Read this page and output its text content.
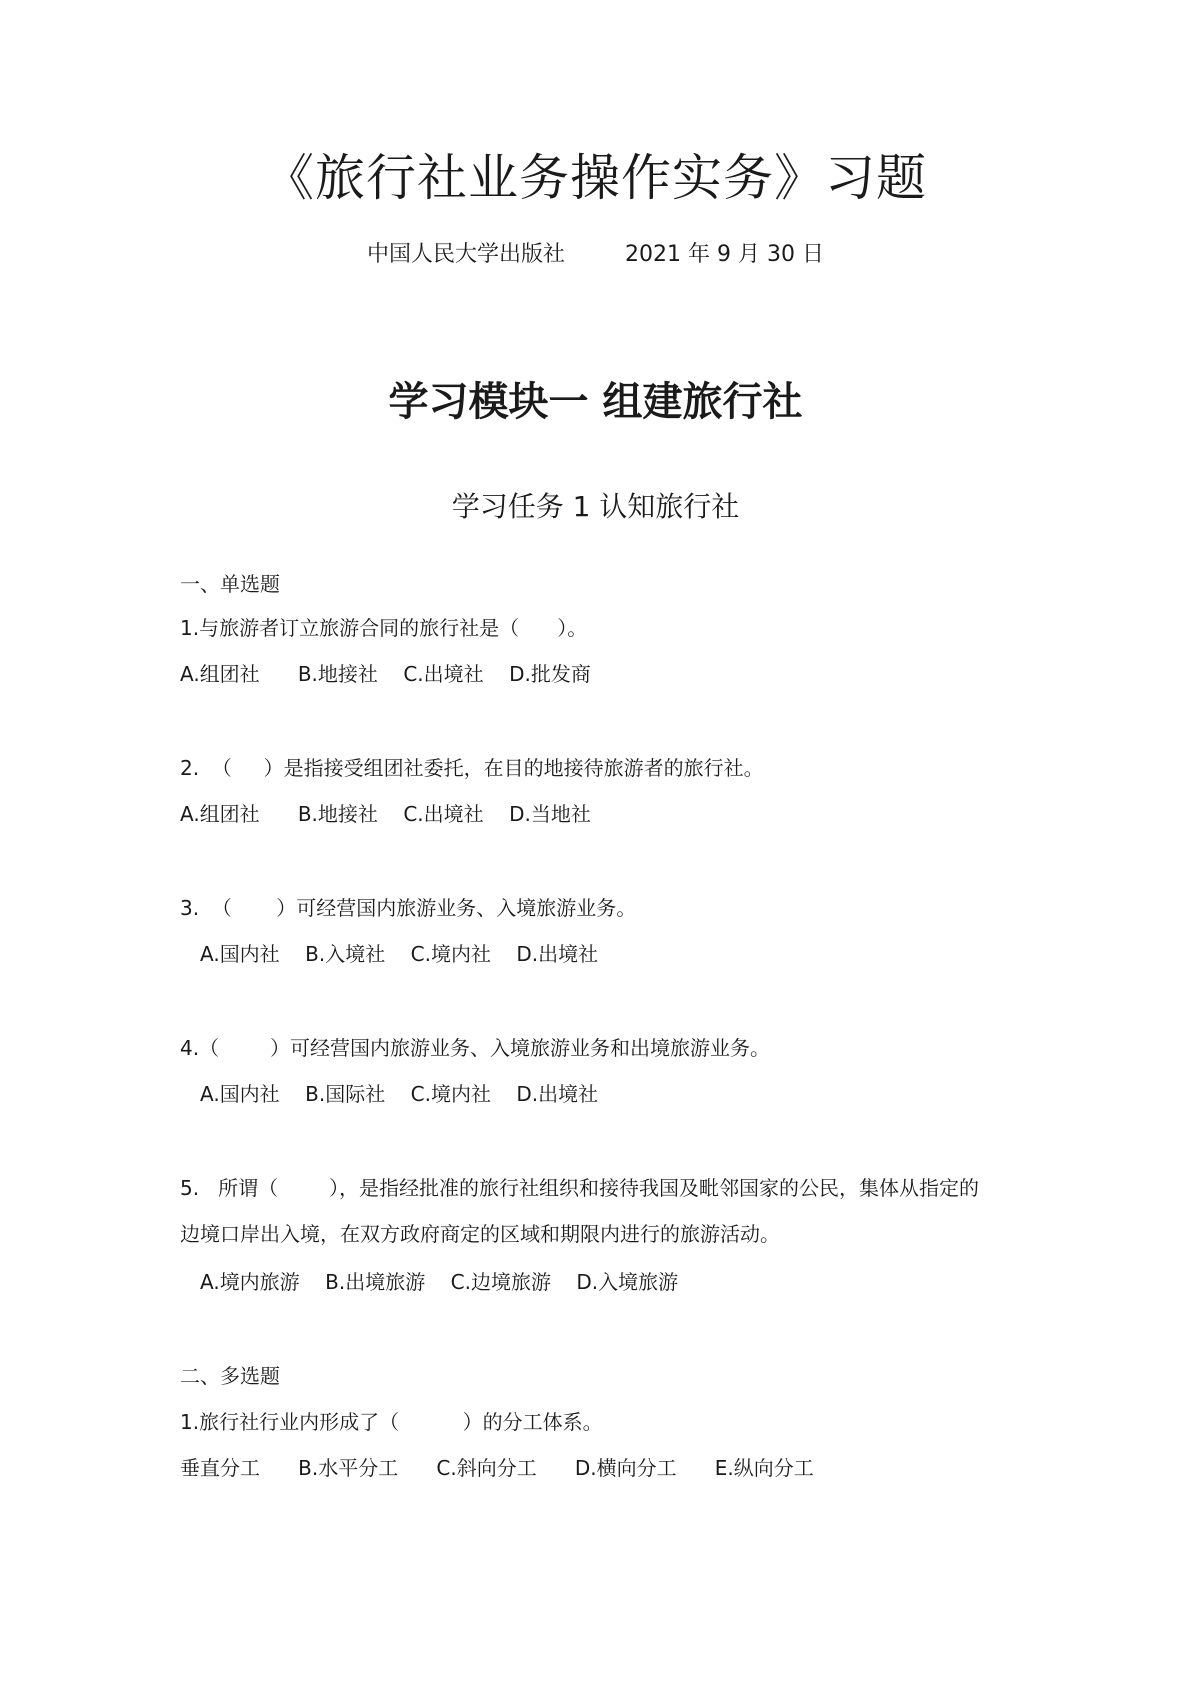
《旅行社业务操作实务》习题
中国人民大学出版社	2021 年 9 月 30 日
学习模块一 组建旅行社
学习任务 1 认知旅行社
一、单选题
1.与旅游者订立旅游合同的旅行社是（      ）。
A.组团社      B.地接社    C.出境社    D.批发商
2.  （     ）是指接受组团社委托，在目的地接待旅游者的旅行社。
A.组团社      B.地接社    C.出境社    D.当地社
3.  （       ）可经营国内旅游业务、入境旅游业务。
A.国内社    B.入境社    C.境内社    D.出境社
4.（        ）可经营国内旅游业务、入境旅游业务和出境旅游业务。
A.国内社    B.国际社    C.境内社    D.出境社
5.   所谓（        ），是指经批准的旅行社组织和接待我国及毗邻国家的公民，集体从指定的
边境口岸出入境，在双方政府商定的区域和期限内进行的旅游活动。
A.境内旅游    B.出境旅游    C.边境旅游    D.入境旅游
二、多选题
1.旅行社行业内形成了（          ）的分工体系。
垂直分工      B.水平分工      C.斜向分工      D.横向分工      E.纵向分工
